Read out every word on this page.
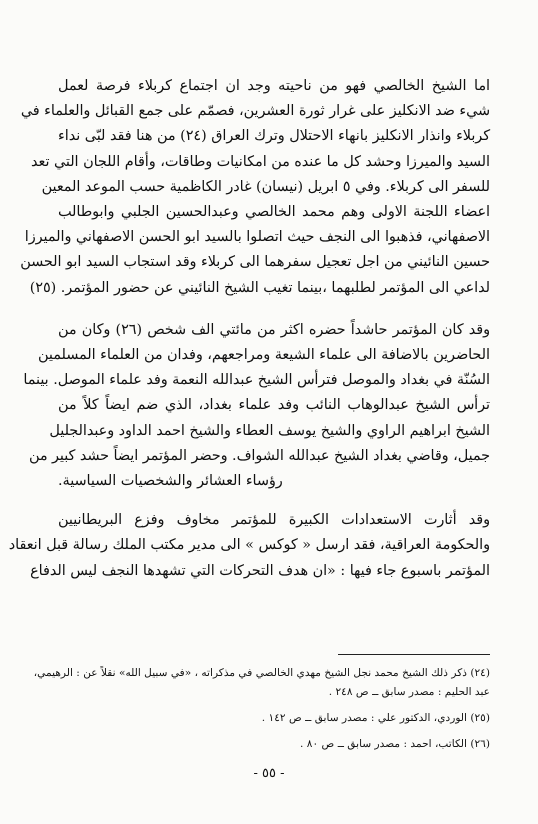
اما الشيخ الخالصي فهو من ناحيته وجد ان اجتماع كربلاء فرصة لعمل
شيء ضد الانكليز على غرار ثورة العشرين، فصمّم على جمع القبائل والعلماء في
كربلاء وانذار الانكليز بانهاء الاحتلال وترك العراق (٢٤) من هنا فقد لبّى نداء
السيد والميرزا وحشد كل ما عنده من امكانيات وطاقات، وأقام اللجان التي تعد
للسفر الى كربلاء. وفي ٥ ابريل (نيسان) غادر الكاظمية حسب الموعد المعين
اعضاء اللجنة الاولى وهم محمد الخالصي وعبدالحسين الجلبي وابوطالب
الاصفهاني، فذهبوا الى النجف حيث اتصلوا بالسيد ابو الحسن الاصفهاني والميرزا
حسين النائيني من اجل تعجيل سفرهما الى كربلاء وقد استجاب السيد ابو الحسن
لداعي الى المؤتمر لطلبهما ،بينما تغيب الشيخ النائيني عن حضور المؤتمر. (٢٥)
وقد كان المؤتمر حاشداً حضره اكثر من مائتي الف شخص (٢٦) وكان من
الحاضرين بالاضافة الى علماء الشيعة ومراجعهم، وفدان من العلماء المسلمين
السُنّة في بغداد والموصل فترأس الشيخ عبدالله النعمة وفد علماء الموصل. بينما
ترأس الشيخ عبدالوهاب النائب وفد علماء بغداد، الذي ضم ايضاً كلاً من
الشيخ ابراهيم الراوي والشيخ يوسف العطاء والشيخ احمد الداود وعبدالجليل
جميل، وقاضي بغداد الشيخ عبدالله الشواف. وحضر المؤتمر ايضاً حشد كبير من
رؤساء العشائر والشخصيات السياسية.
وقد أثارت الاستعدادات الكبيرة للمؤتمر مخاوف وفزع البريطانيين
والحكومة العراقية، فقد ارسل « كوكس » الى مدير مكتب الملك رسالة قبل انعقاد
المؤتمر باسبوع جاء فيها : «ان هدف التحركات التي تشهدها النجف ليس الدفاع
(٢٤) ذكر ذلك الشيخ محمد نجل الشيخ مهدي الخالصي في مذكراته ، «في سبيل الله» نقلاً عن : الرهيمي،
عبد الحليم : مصدر سابق ــ ص ٢٤٨ .
(٢٥) الوردي، الدكتور علي : مصدر سابق ــ ص ١٤٢ .
(٢٦) الكاتب، احمد : مصدر سابق ــ ص ٨٠ .
- ٥٥ -
